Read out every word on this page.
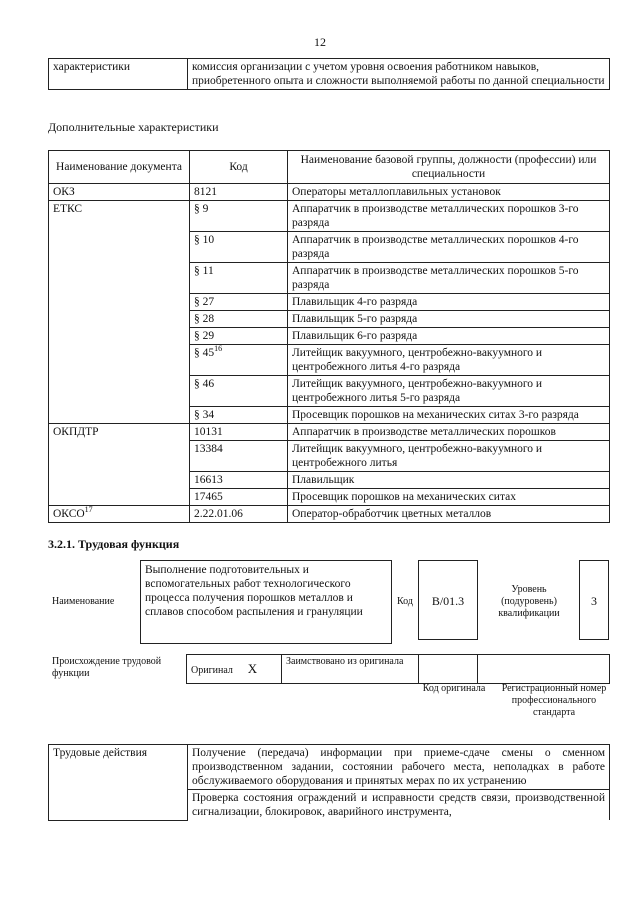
12
характеристики	комиссия организации с учетом уровня освоения работником навыков, приобретенного опыта и сложности выполняемой работы по данной специальности
Дополнительные характеристики
Наименование документа	Код	Наименование базовой группы, должности (профессии) или специальности
ОКЗ	8121	Операторы металлоплавильных установок
ЕТКС	§ 9	Аппаратчик в производстве металлических порошков 3-го разряда
	§ 10	Аппаратчик в производстве металлических порошков 4-го разряда
	§ 11	Аппаратчик в производстве металлических порошков 5-го разряда
	§ 27	Плавильщик 4-го разряда
	§ 28	Плавильщик 5-го разряда
	§ 29	Плавильщик 6-го разряда
	§ $45^{16}$	Литейщик вакуумного, центробежно-вакуумного и центробежного литья 4-го разряда
	§ 46	Литейщик вакуумного, центробежно-вакуумного и центробежного литья 5-го разряда
	§ 34	Просевщик порошков на механических ситах 3-го разряда
ОКПДТР	10131	Аппаратчик в производстве металлических порошков
	13384	Литейщик вакуумного, центробежно-вакуумного и центробежного литья
	16613	Плавильщик
	17465	Просевщик порошков на механических ситах
ОКСО$^{17}$	2.22.01.06	Оператор-обработчик цветных металлов
3.2.1. Трудовая функция
Наименование
Выполнение подготовительных и вспомогательных работ технологического процесса получения порошков металлов и сплавов способом распыления и грануляции
Код	B/01.3
Уровень (подуровень) квалификации
3
Происхождение трудовой функции	Оригинал X	Заимствовано из оригинала		
Код оригинала	Регистрационный номер профессионального стандарта
Трудовые действия	Получение (передача) информации при приеме-сдаче смены о сменном производственном задании, состоянии рабочего места, неполадках в работе обслуживаемого оборудования и принятых мерах по их устранению
Проверка состояния ограждений и исправности средств связи, производственной сигнализации, блокировок, аварийного инструмента,
